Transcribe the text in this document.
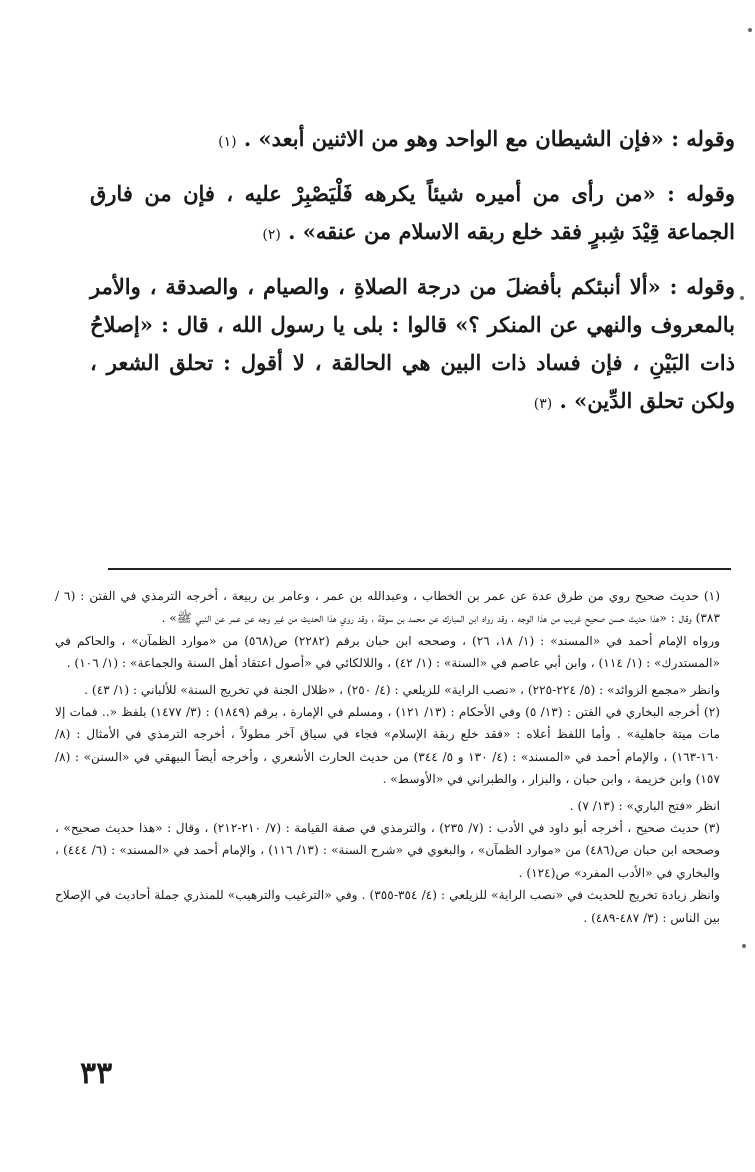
وقوله : «فإن الشيطان مع الواحد وهو من الاثنين أبعد» . (١)

وقوله : «من رأى من أميره شيئاً يكرهه فَلْيَصْبِرْ عليه ، فإن من فارق الجماعة قِيْدَ شِبرٍ فقد خلع ربقه الاسلام من عنقه» . (٢)

وقوله : «ألا أنبئكم بأفضلَ من درجة الصلاةِ ، والصيام ، والصدقة ، والأمر بالمعروف والنهي عن المنكر ؟» قالوا : بلى يا رسول الله ، قال : «إصلاحُ ذات البَيْنِ ، فإن فساد ذات البين هي الحالقة ، لا أقول : تحلق الشعر ، ولكن تحلق الدِّين» . (٣)

(١) حديث صحيح روي من طرق عدة عن عمر بن الخطاب ، وعبدالله بن عمر ، وعامر بن ربيعة ، أخرجه الترمذي في الفتن : (٦ / ٣٨٣) وقال : «هذا حديث حسن صحيح غريب من هذا الوجه ، وقد رواه ابن المبارك عن محمد بن سوقة ، وقد روي هذا الحديث من غير وجه عن عمر عن النبي ﷺ» .

ورواه الإمام أحمد في «المسند» : (١/ ١٨، ٢٦) ، وصححه ابن حبان برقم (٢٢٨٢) ص(٥٦٨) من «موارد الظمآن» ، والحاكم في «المستدرك» : (١/ ١١٤) ، وابن أبي عاصم في «السنة» : (١/ ٤٢) ، واللالكائي في «أصول اعتقاد أهل السنة والجماعة» : (١/ ١٠٦) .

وانظر «مجمع الزوائد» : (٥/ ٢٢٤-٢٢٥) ، «نصب الراية» للزيلعي : (٤/ ٢٥٠) ، «ظلال الجنة في تخريج السنة» للألباني : (١/ ٤٣) .

(٢) أخرجه البخاري في الفتن : (١٣/ ٥) وفي الأحكام : (١٣/ ١٢١) ، ومسلم في الإمارة ، برقم (١٨٤٩) : (٣/ ١٤٧٧) بلفظ «.. فمات إلا مات ميتة جاهلية» . وأما اللفظ أعلاه : «فقد خلع ربقة الإسلام» فجاء في سياق آخر مطولاً ، أخرجه الترمذي في الأمثال : (٨/ ١٦٠-١٦٣) ، والإمام أحمد في «المسند» : (٤/ ١٣٠ و ٥/ ٣٤٤) من حديث الحارث الأشعري ، وأخرجه أيضاً البيهقي في «السنن» : (٨/ ١٥٧) وابن خزيمة ، وابن حبان ، والبزار ، والطبراني في «الأوسط» .

انظر «فتح الباري» : (١٣/ ٧) .

(٣) حديث صحيح ، أخرجه أبو داود في الأدب : (٧/ ٢٣٥) ، والترمذي في صفة القيامة : (٧/ ٢١٠-٢١٢) ، وقال : «هذا حديث صحيح» ، وصححه ابن حبان ص(٤٨٦) من «موارد الظمآن» ، والبغوي في «شرح السنة» : (١٣/ ١١٦) ، والإمام أحمد في «المسند» : (٦/ ٤٤٤) ، والبخاري في «الأدب المفرد» ص(١٢٤) .

وانظر زيادة تخريج للحديث في «نصب الراية» للزيلعي : (٤/ ٣٥٤-٣٥٥) . وفي «الترغيب والترهيب» للمنذري جملة أحاديث في الإصلاح بين الناس : (٣/ ٤٨٧-٤٨٩) .

٣٣
